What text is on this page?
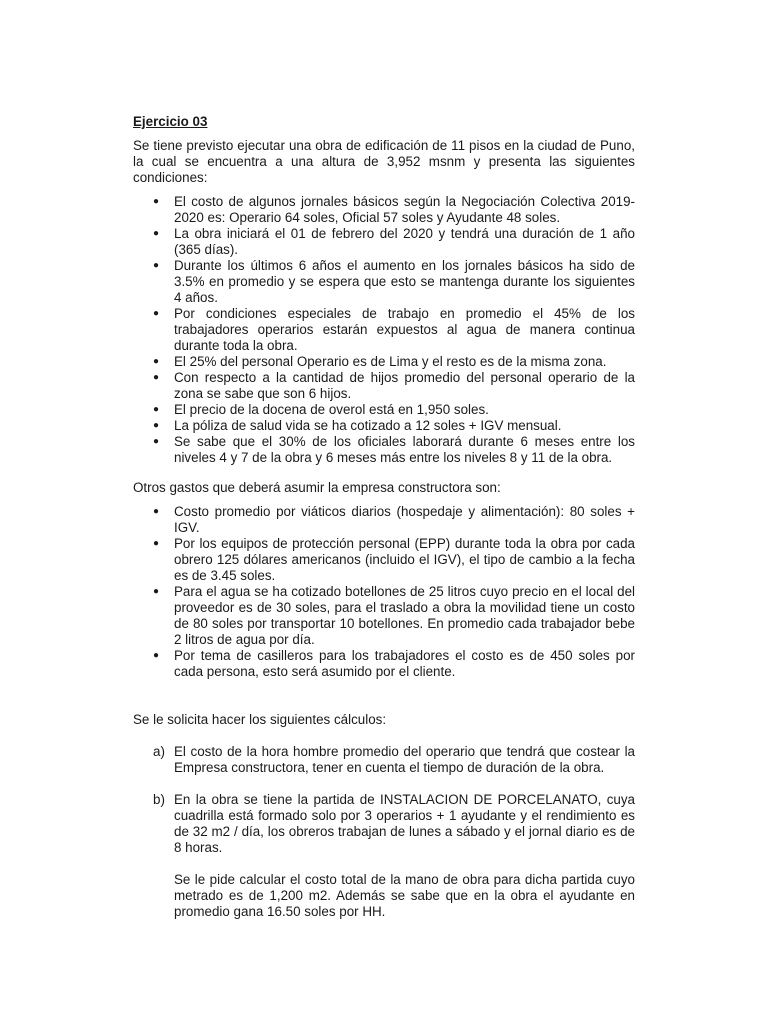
Ejercicio 03

Se tiene previsto ejecutar una obra de edificación de 11 pisos en la ciudad de Puno, la cual se encuentra a una altura de 3,952 msnm y presenta las siguientes condiciones:

● El costo de algunos jornales básicos según la Negociación Colectiva 2019-2020 es: Operario 64 soles, Oficial 57 soles y Ayudante 48 soles.
● La obra iniciará el 01 de febrero del 2020 y tendrá una duración de 1 año (365 días).
● Durante los últimos 6 años el aumento en los jornales básicos ha sido de 3.5% en promedio y se espera que esto se mantenga durante los siguientes 4 años.
● Por condiciones especiales de trabajo en promedio el 45% de los trabajadores operarios estarán expuestos al agua de manera continua durante toda la obra.
● El 25% del personal Operario es de Lima y el resto es de la misma zona.
● Con respecto a la cantidad de hijos promedio del personal operario de la zona se sabe que son 6 hijos.
● El precio de la docena de overol está en 1,950 soles.
● La póliza de salud vida se ha cotizado a 12 soles + IGV mensual.
● Se sabe que el 30% de los oficiales laborará durante 6 meses entre los niveles 4 y 7 de la obra y 6 meses más entre los niveles 8 y 11 de la obra.

Otros gastos que deberá asumir la empresa constructora son:

● Costo promedio por viáticos diarios (hospedaje y alimentación): 80 soles + IGV.
● Por los equipos de protección personal (EPP) durante toda la obra por cada obrero 125 dólares americanos (incluido el IGV), el tipo de cambio a la fecha es de 3.45 soles.
● Para el agua se ha cotizado botellones de 25 litros cuyo precio en el local del proveedor es de 30 soles, para el traslado a obra la movilidad tiene un costo de 80 soles por transportar 10 botellones. En promedio cada trabajador bebe 2 litros de agua por día.
● Por tema de casilleros para los trabajadores el costo es de 450 soles por cada persona, esto será asumido por el cliente.

Se le solicita hacer los siguientes cálculos:

a) El costo de la hora hombre promedio del operario que tendrá que costear la Empresa constructora, tener en cuenta el tiempo de duración de la obra.
b) En la obra se tiene la partida de INSTALACION DE PORCELANATO, cuya cuadrilla está formado solo por 3 operarios + 1 ayudante y el rendimiento es de 32 m2 / día, los obreros trabajan de lunes a sábado y el jornal diario es de 8 horas.
Se le pide calcular el costo total de la mano de obra para dicha partida cuyo metrado es de 1,200 m2. Además se sabe que en la obra el ayudante en promedio gana 16.50 soles por HH.
